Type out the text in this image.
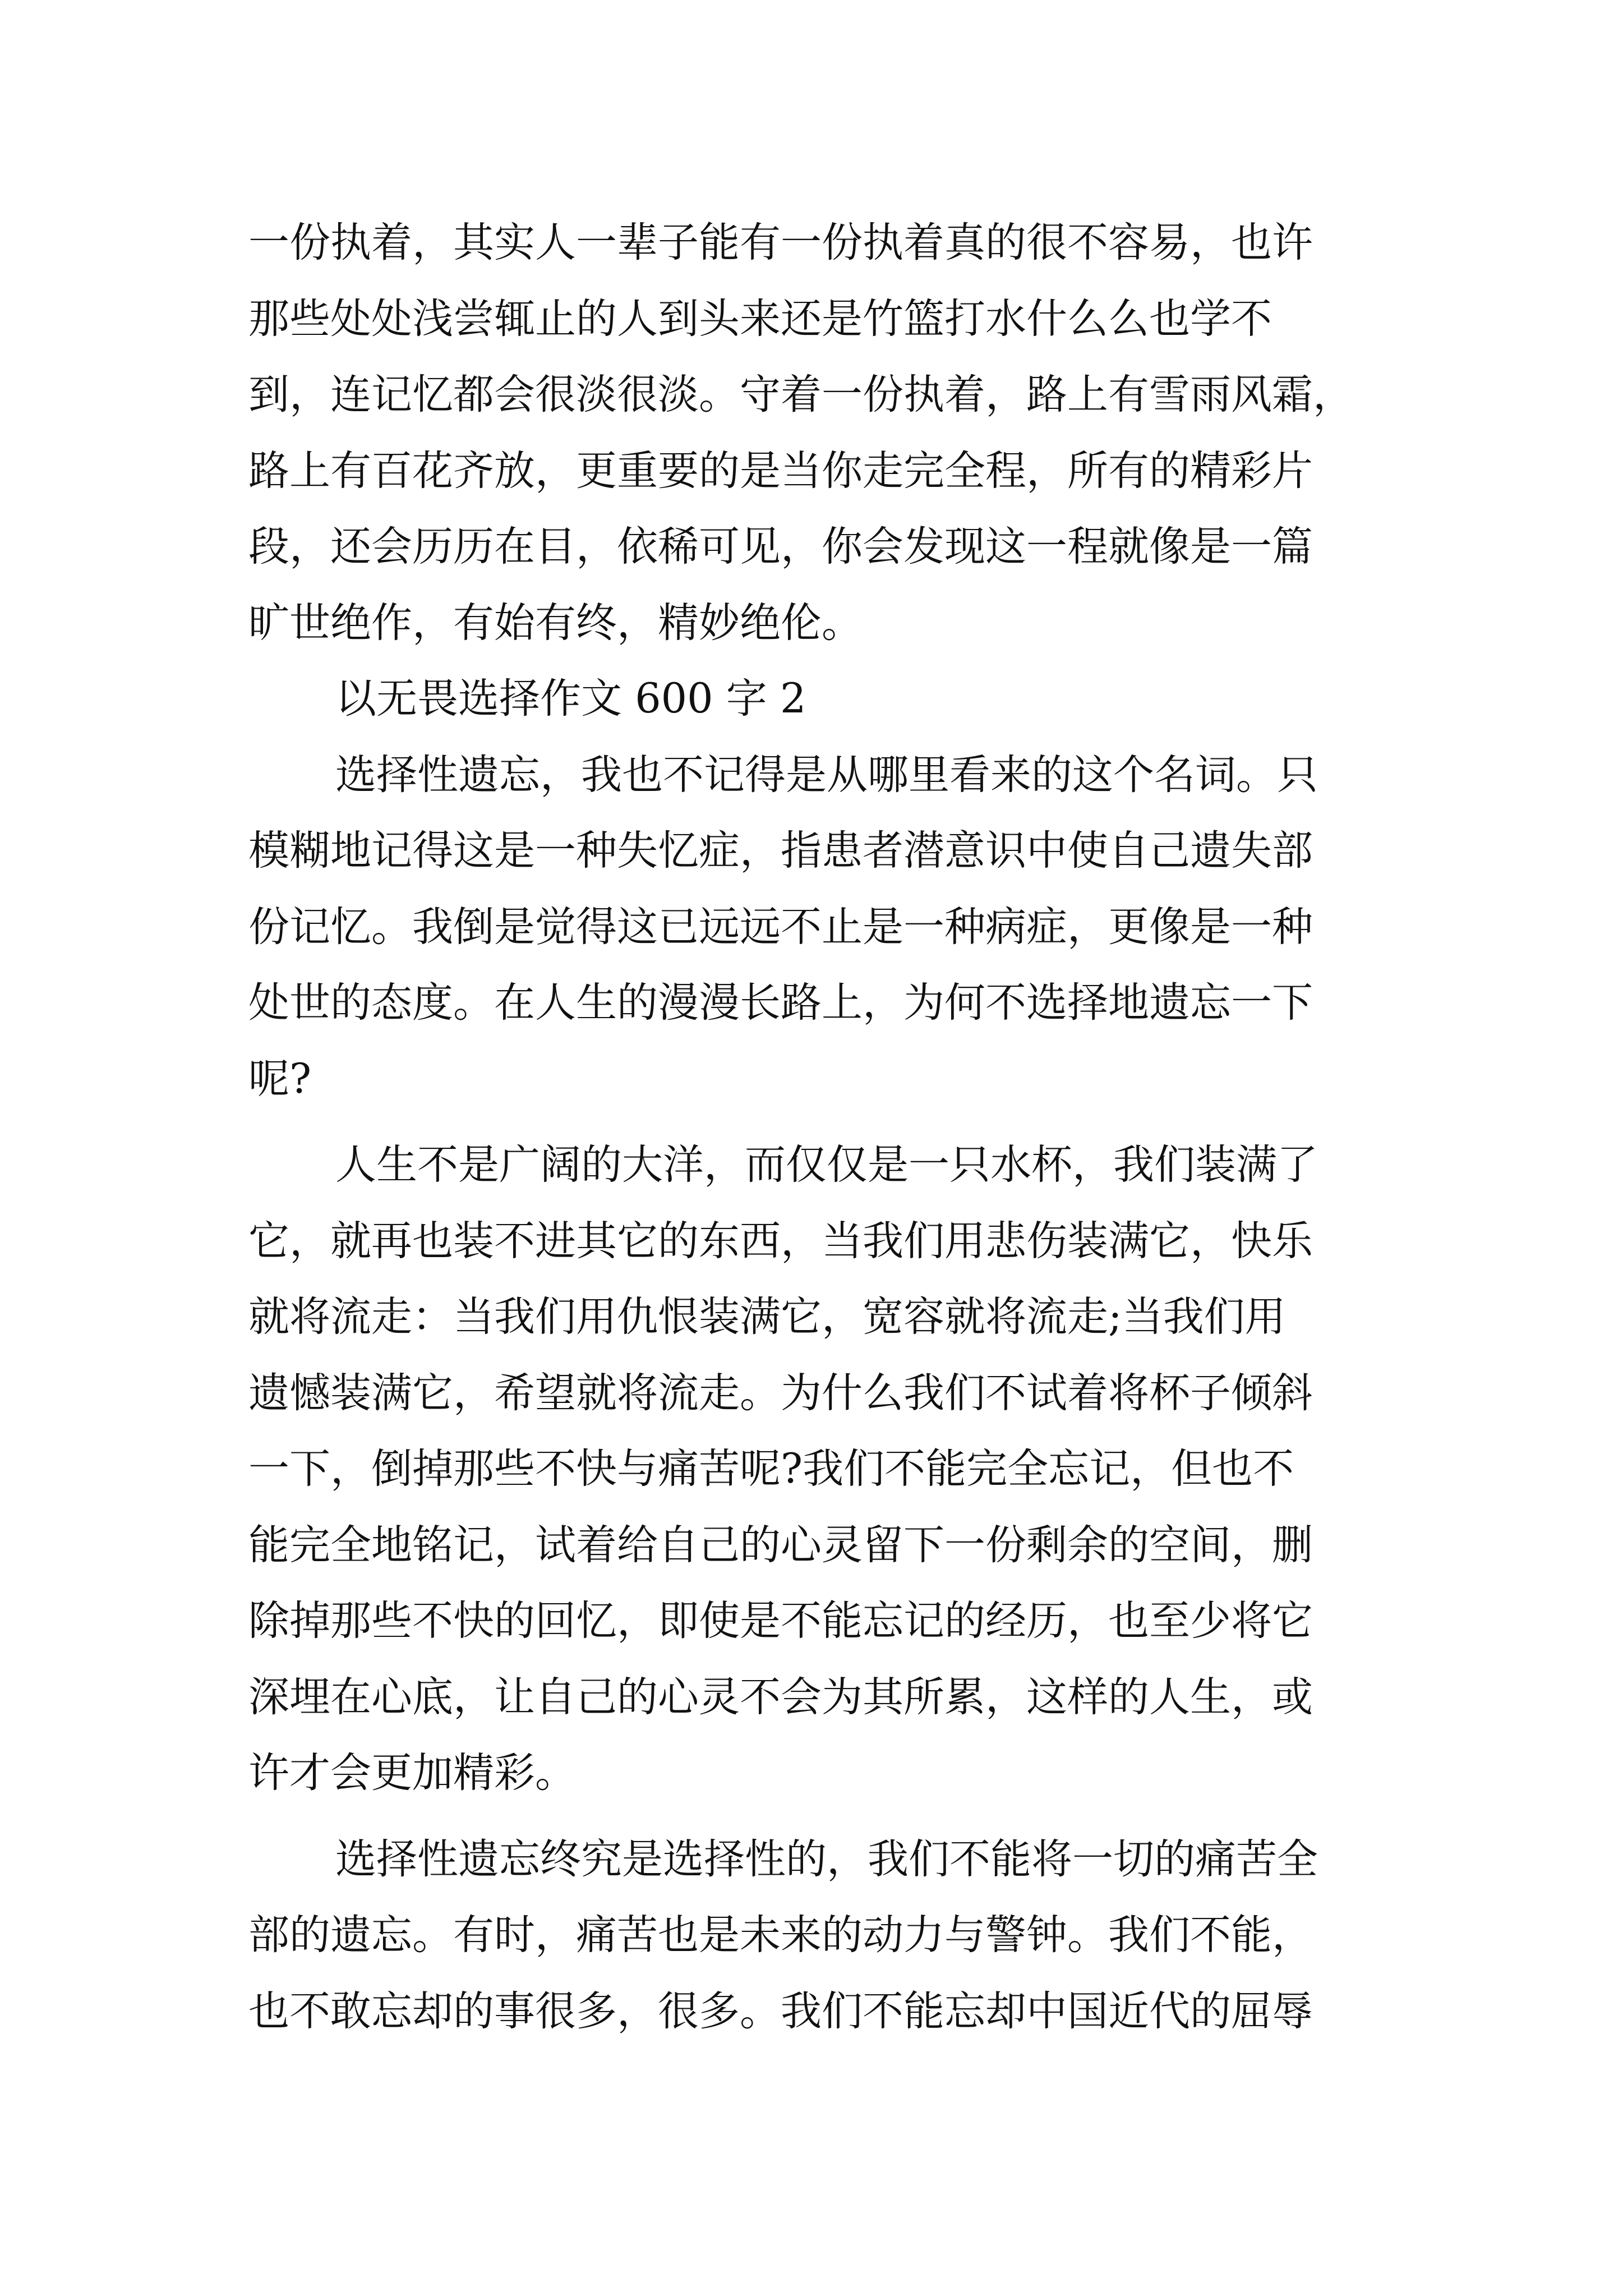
一份执着，其实人一辈子能有一份执着真的很不容易，也许
那些处处浅尝辄止的人到头来还是竹篮打水什么么也学不
到，连记忆都会很淡很淡。守着一份执着，路上有雪雨风霜，
路上有百花齐放，更重要的是当你走完全程，所有的精彩片
段，还会历历在目，依稀可见，你会发现这一程就像是一篇
旷世绝作，有始有终，精妙绝伦。
以无畏选择作文 600 字 2
选择性遗忘，我也不记得是从哪里看来的这个名词。只
模糊地记得这是一种失忆症，指患者潜意识中使自己遗失部
份记忆。我倒是觉得这已远远不止是一种病症，更像是一种
处世的态度。在人生的漫漫长路上，为何不选择地遗忘一下
呢?
人生不是广阔的大洋，而仅仅是一只水杯，我们装满了
它，就再也装不进其它的东西，当我们用悲伤装满它，快乐
就将流走：当我们用仇恨装满它，宽容就将流走;当我们用
遗憾装满它，希望就将流走。为什么我们不试着将杯子倾斜
一下，倒掉那些不快与痛苦呢?我们不能完全忘记，但也不
能完全地铭记，试着给自己的心灵留下一份剩余的空间，删
除掉那些不快的回忆，即使是不能忘记的经历，也至少将它
深埋在心底，让自己的心灵不会为其所累，这样的人生，或
许才会更加精彩。
选择性遗忘终究是选择性的，我们不能将一切的痛苦全
部的遗忘。有时，痛苦也是未来的动力与警钟。我们不能，
也不敢忘却的事很多，很多。我们不能忘却中国近代的屈辱
